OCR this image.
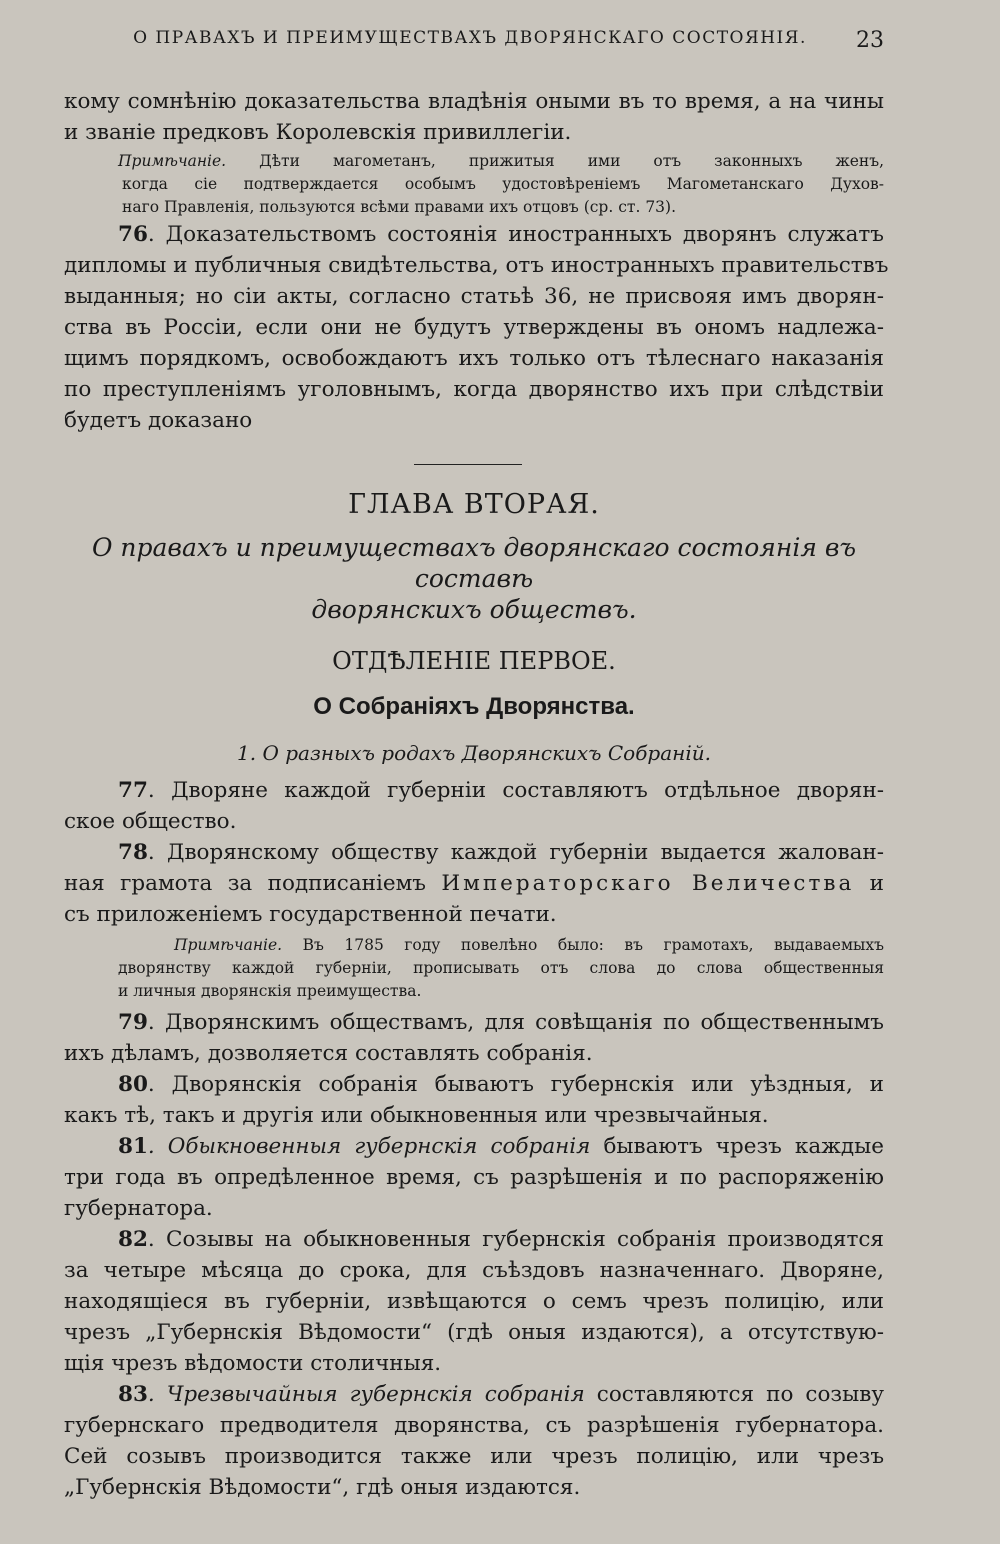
О ПРАВАХЪ И ПРЕИМУЩЕСТВАХЪ ДВОРЯНСКАГО СОСТОЯНІЯ.	23
кому сомнѣнію доказательства владѣнія оными въ то время, а на чины
и званіе предковъ Королевскія привиллегіи.
Примѣчаніе. Дѣти магометанъ, прижитыя ими отъ законныхъ женъ,
когда сіе подтверждается особымъ удостовѣреніемъ Магометанскаго Духов-
наго Правленія, пользуются всѣми правами ихъ отцовъ (ср. ст. 73).
76. Доказательствомъ состоянія иностранныхъ дворянъ служатъ
дипломы и публичныя свидѣтельства, отъ иностранныхъ правительствъ
выданныя; но сіи акты, согласно статьѣ 36, не присвояя имъ дворян-
ства въ Россіи, если они не будутъ утверждены въ ономъ надлежа-
щимъ порядкомъ, освобождаютъ ихъ только отъ тѣлеснаго наказанія
по преступленіямъ уголовнымъ, когда дворянство ихъ при слѣдствіи
будетъ доказано
ГЛАВА ВТОРАЯ.
О правахъ и преимуществахъ дворянскаго состоянія въ составѣ
дворянскихъ обществъ.
ОТДѢЛЕНІЕ ПЕРВОЕ.
О Собраніяхъ Дворянства.
1. О разныхъ родахъ Дворянскихъ Собраній.
77. Дворяне каждой губерніи составляютъ отдѣльное дворян-
ское общество.
78. Дворянскому обществу каждой губерніи выдается жалован-
ная грамота за подписаніемъ Императорскаго Величества и
съ приложеніемъ государственной печати.
Примѣчаніе. Въ 1785 году повелѣно было: въ грамотахъ, выдаваемыхъ
дворянству каждой губерніи, прописывать отъ слова до слова общественныя
и личныя дворянскія преимущества.
79. Дворянскимъ обществамъ, для совѣщанія по общественнымъ
ихъ дѣламъ, дозволяется составлять собранія.
80. Дворянскія собранія бываютъ губернскія или уѣздныя, и
какъ тѣ, такъ и другія или обыкновенныя или чрезвычайныя.
81. Обыкновенныя губернскія собранія бываютъ чрезъ каждые
три года въ опредѣленное время, съ разрѣшенія и по распоряженію
губернатора.
82. Созывы на обыкновенныя губернскія собранія производятся
за четыре мѣсяца до срока, для съѣздовъ назначеннаго. Дворяне,
находящіеся въ губерніи, извѣщаются о семъ чрезъ полицію, или
чрезъ „Губернскія Вѣдомости“ (гдѣ оныя издаются), а отсутствую-
щія чрезъ вѣдомости столичныя.
83. Чрезвычайныя губернскія собранія составляются по созыву
губернскаго предводителя дворянства, съ разрѣшенія губернатора.
Сей созывъ производится также или чрезъ полицію, или чрезъ
„Губернскія Вѣдомости“, гдѣ оныя издаются.
